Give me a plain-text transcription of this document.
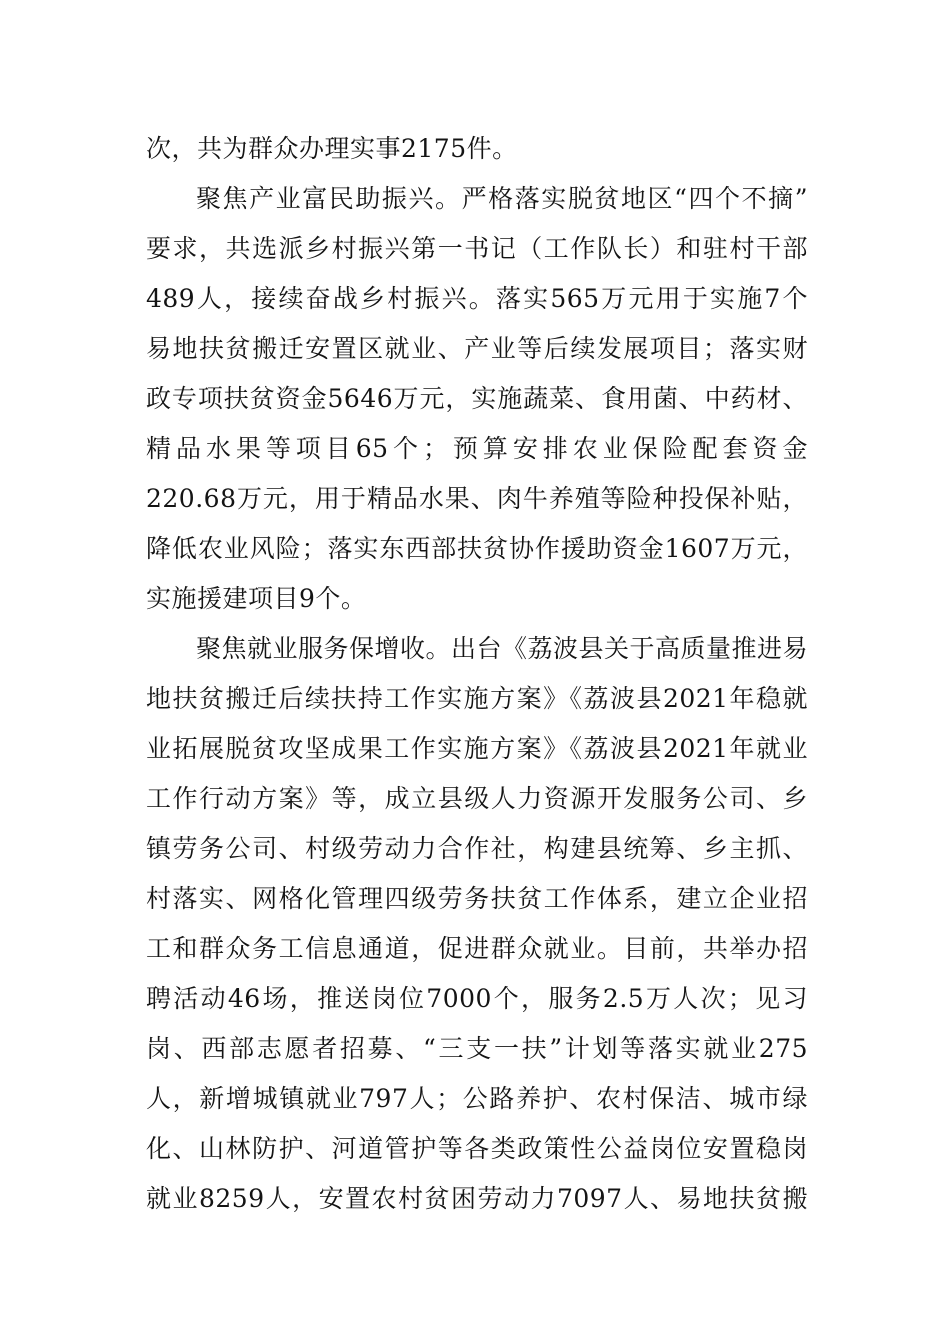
次，共为群众办理实事2175件。
聚焦产业富民助振兴。严格落实脱贫地区“四个不摘”
要求，共选派乡村振兴第一书记（工作队长）和驻村干部
489人，接续奋战乡村振兴。落实565万元用于实施7个
易地扶贫搬迁安置区就业、产业等后续发展项目；落实财
政专项扶贫资金5646万元，实施蔬菜、食用菌、中药材、
精品水果等项目65个；预算安排农业保险配套资金
220.68万元，用于精品水果、肉牛养殖等险种投保补贴，
降低农业风险；落实东西部扶贫协作援助资金1607万元，
实施援建项目9个。
聚焦就业服务保增收。出台《荔波县关于高质量推进易
地扶贫搬迁后续扶持工作实施方案》《荔波县2021年稳就
业拓展脱贫攻坚成果工作实施方案》《荔波县2021年就业
工作行动方案》等，成立县级人力资源开发服务公司、乡
镇劳务公司、村级劳动力合作社，构建县统筹、乡主抓、
村落实、网格化管理四级劳务扶贫工作体系，建立企业招
工和群众务工信息通道，促进群众就业。目前，共举办招
聘活动46场，推送岗位7000个，服务2.5万人次；见习
岗、西部志愿者招募、“三支一扶”计划等落实就业275
人，新增城镇就业797人；公路养护、农村保洁、城市绿
化、山林防护、河道管护等各类政策性公益岗位安置稳岗
就业8259人，安置农村贫困劳动力7097人、易地扶贫搬
